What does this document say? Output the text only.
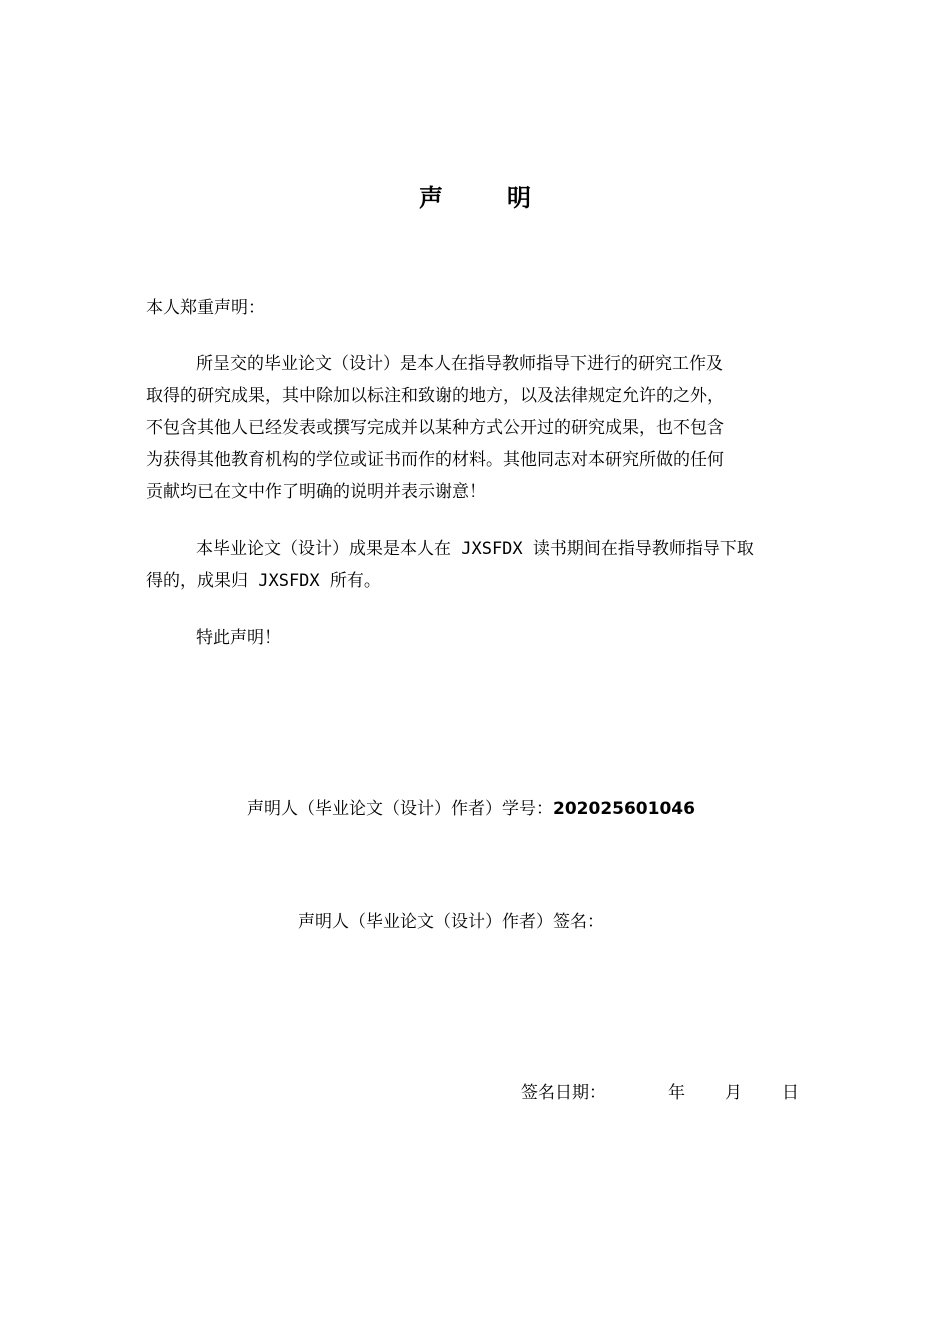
声	明
本人郑重声明：
所呈交的毕业论文（设计）是本人在指导教师指导下进行的研究工作及
取得的研究成果，其中除加以标注和致谢的地方，以及法律规定允许的之外，
不包含其他人已经发表或撰写完成并以某种方式公开过的研究成果，也不包含
为获得其他教育机构的学位或证书而作的材料。其他同志对本研究所做的任何
贡献均已在文中作了明确的说明并表示谢意！
本毕业论文（设计）成果是本人在 JXSFDX 读书期间在指导教师指导下取
得的，成果归 JXSFDX 所有。
特此声明！
声明人（毕业论文（设计）作者）学号：202025601046
声明人（毕业论文（设计）作者）签名：
签名日期：	年 月 日
